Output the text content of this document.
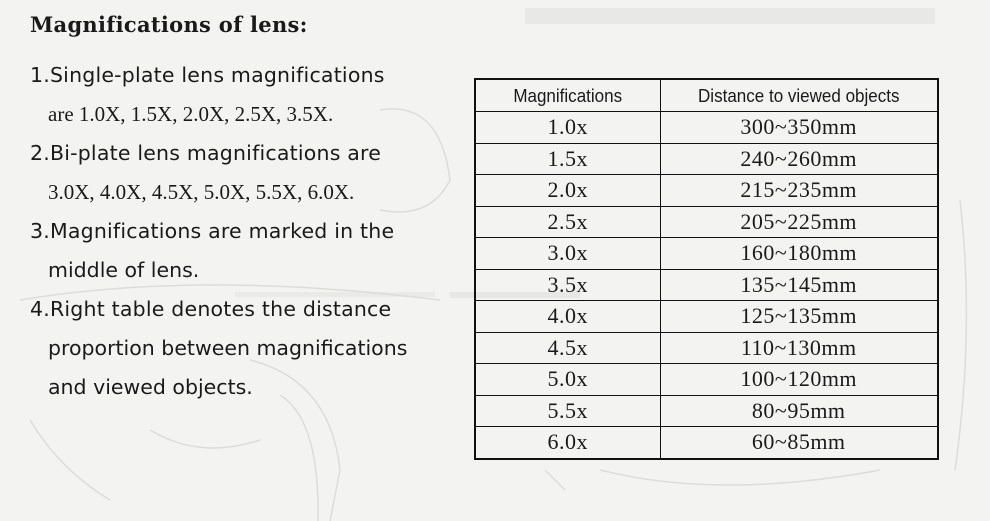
Magnifications of lens:
1.Single-plate lens magnifications
are 1.0X, 1.5X, 2.0X, 2.5X, 3.5X.
2.Bi-plate lens magnifications are
3.0X, 4.0X, 4.5X, 5.0X, 5.5X, 6.0X.
3.Magnifications are marked in the
middle of lens.
4.Right table denotes the distance
proportion between magnifications
and viewed objects.
Magnifications	Distance to viewed objects
1.0x	300~350mm
1.5x	240~260mm
2.0x	215~235mm
2.5x	205~225mm
3.0x	160~180mm
3.5x	135~145mm
4.0x	125~135mm
4.5x	110~130mm
5.0x	100~120mm
5.5x	80~95mm
6.0x	60~85mm
